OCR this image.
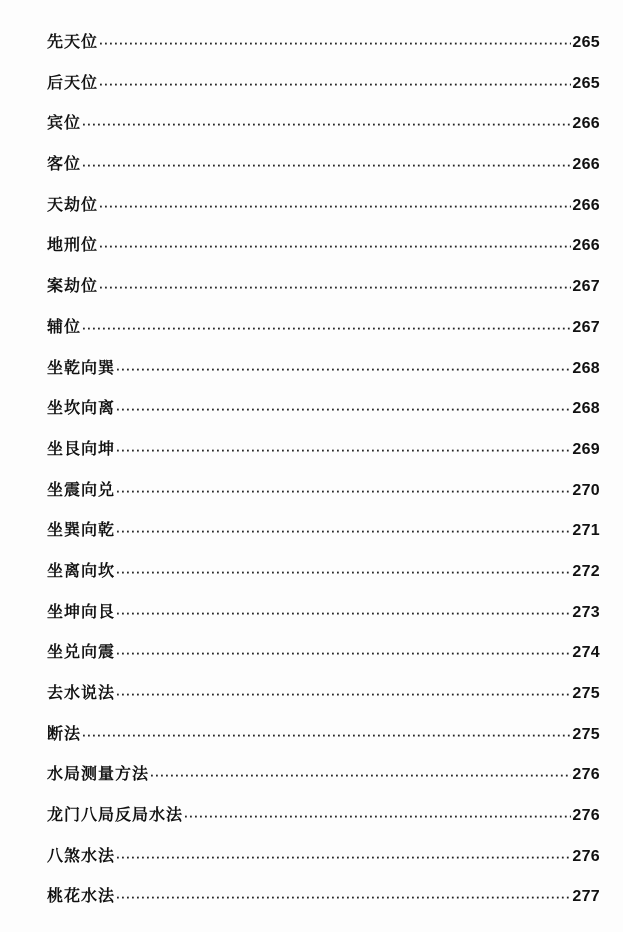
先天位 ·····	265
后天位 ·····	265
宾位 ·····	266
客位 ·····	266
天劫位 ·····	266
地刑位 ·····	266
案劫位 ·····	267
辅位 ·····	267
坐乾向巽 ·····	268
坐坎向离 ·····	268
坐艮向坤 ·····	269
坐震向兑 ·····	270
坐巽向乾 ·····	271
坐离向坎 ·····	272
坐坤向艮 ·····	273
坐兑向震 ·····	274
去水说法 ·····	275
断法 ·····	275
水局测量方法 ·····	276
龙门八局反局水法 ·····	276
八煞水法 ·····	276
桃花水法 ·····	277
